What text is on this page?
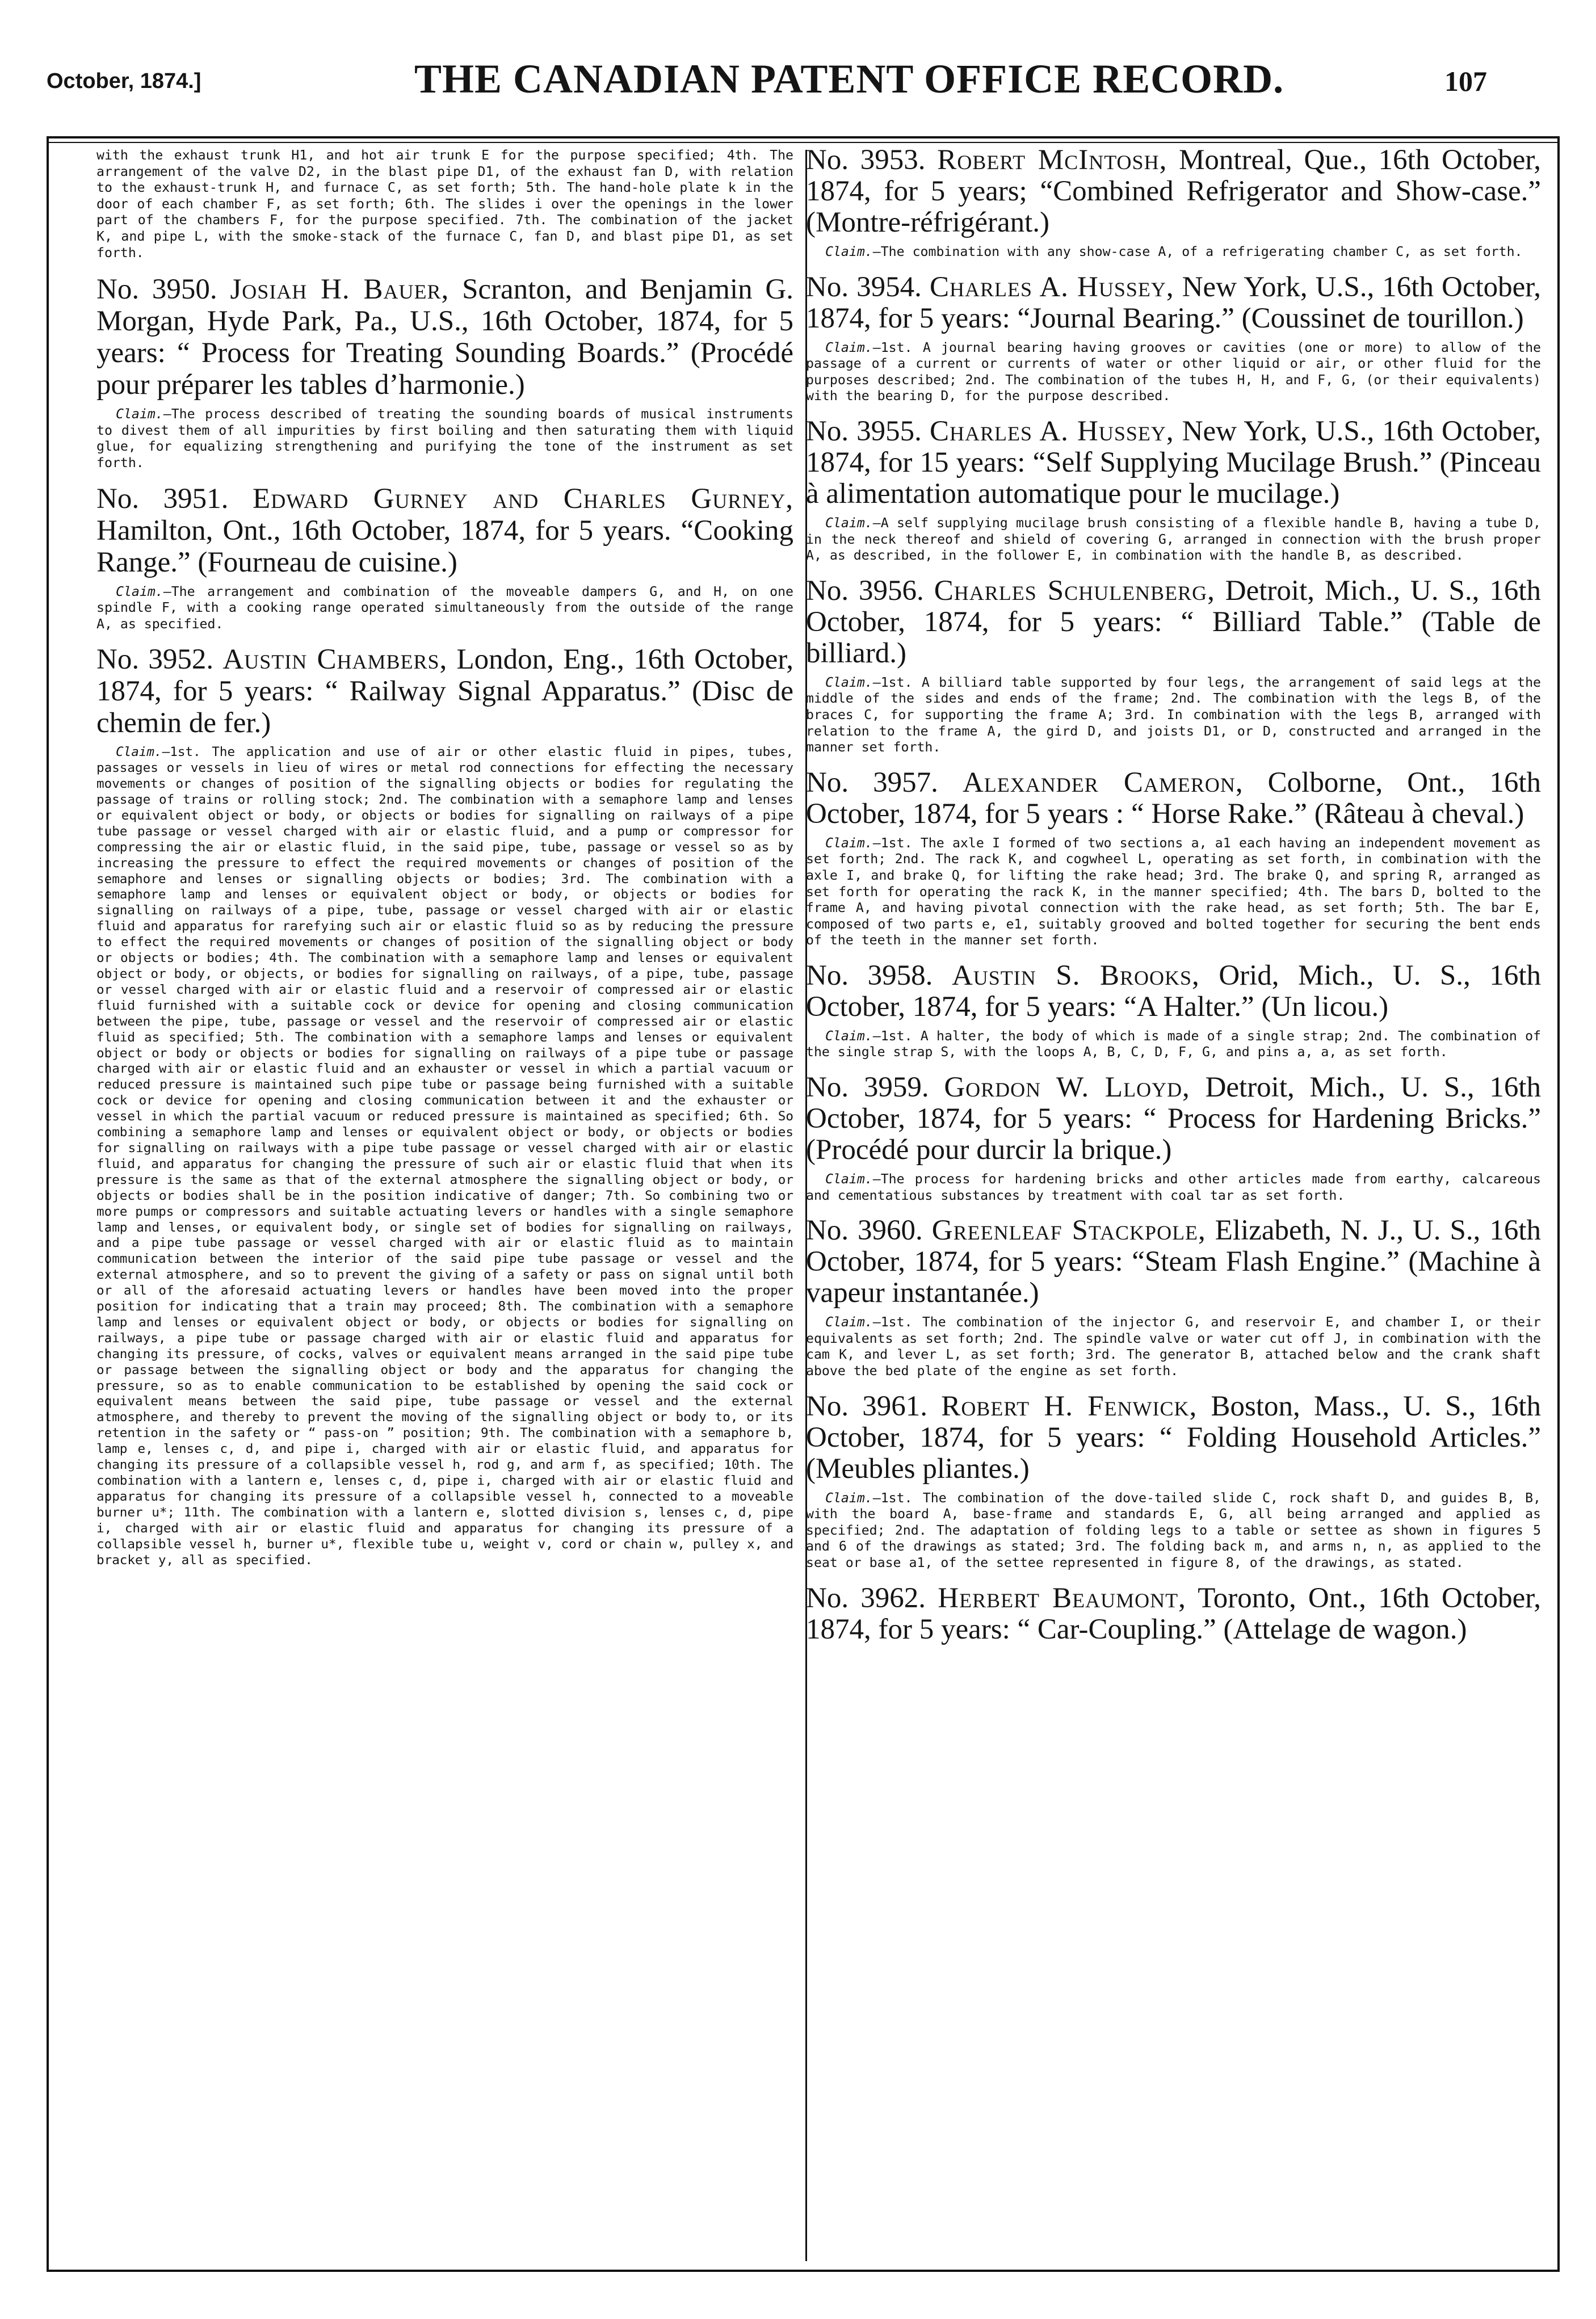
October, 1874.]	THE CANADIAN PATENT OFFICE RECORD.	107

with the exhaust trunk H1, and hot air trunk E for the purpose specified; 4th. The arrangement of the valve D2, in the blast pipe D1, of the exhaust fan D, with relation to the exhaust-trunk H, and furnace C, as set forth; 5th. The hand-hole plate k in the door of each chamber F, as set forth; 6th. The slides i over the openings in the lower part of the chambers F, for the purpose specified. 7th. The combination of the jacket K, and pipe L, with the smoke-stack of the furnace C, fan D, and blast pipe D1, as set forth.

No. 3950. Josiah H. Bauer, Scranton, and Benjamin G. Morgan, Hyde Park, Pa., U.S., 16th October, 1874, for 5 years: “ Process for Treating Sounding Boards.” (Procédé pour préparer les tables d’harmonie.)

Claim.—The process described of treating the sounding boards of musical instruments to divest them of all impurities by first boiling and then saturating them with liquid glue, for equalizing strengthening and purifying the tone of the instrument as set forth.

No. 3951. Edward Gurney and Charles Gurney, Hamilton, Ont., 16th October, 1874, for 5 years. “Cooking Range.” (Fourneau de cuisine.)

Claim.—The arrangement and combination of the moveable dampers G, and H, on one spindle F, with a cooking range operated simultaneously from the outside of the range A, as specified.

No. 3952. Austin Chambers, London, Eng., 16th October, 1874, for 5 years: “ Railway Signal Apparatus.” (Disc de chemin de fer.)

Claim.—1st. The application and use of air or other elastic fluid in pipes, tubes, passages or vessels in lieu of wires or metal rod connections for effecting the necessary movements or changes of position of the signalling objects or bodies for regulating the passage of trains or rolling stock; 2nd. The combination with a semaphore lamp and lenses or equivalent object or body, or objects or bodies for signalling on railways of a pipe tube passage or vessel charged with air or elastic fluid, and a pump or compressor for compressing the air or elastic fluid, in the said pipe, tube, passage or vessel so as by increasing the pressure to effect the required movements or changes of position of the semaphore and lenses or signalling objects or bodies; 3rd. The combination with a semaphore lamp and lenses or equivalent object or body, or objects or bodies for signalling on railways of a pipe, tube, passage or vessel charged with air or elastic fluid and apparatus for rarefying such air or elastic fluid so as by reducing the pressure to effect the required movements or changes of position of the signalling object or body or objects or bodies; 4th. The combination with a semaphore lamp and lenses or equivalent object or body, or objects, or bodies for signalling on railways, of a pipe, tube, passage or vessel charged with air or elastic fluid and a reservoir of compressed air or elastic fluid furnished with a suitable cock or device for opening and closing communication between the pipe, tube, passage or vessel and the reservoir of compressed air or elastic fluid as specified; 5th. The combination with a semaphore lamps and lenses or equivalent object or body or objects or bodies for signalling on railways of a pipe tube or passage charged with air or elastic fluid and an exhauster or vessel in which a partial vacuum or reduced pressure is maintained such pipe tube or passage being furnished with a suitable cock or device for opening and closing communication between it and the exhauster or vessel in which the partial vacuum or reduced pressure is maintained as specified; 6th. So combining a semaphore lamp and lenses or equivalent object or body, or objects or bodies for signalling on railways with a pipe tube passage or vessel charged with air or elastic fluid, and apparatus for changing the pressure of such air or elastic fluid that when its pressure is the same as that of the external atmosphere the signalling object or body, or objects or bodies shall be in the position indicative of danger; 7th. So combining two or more pumps or compressors and suitable actuating levers or handles with a single semaphore lamp and lenses, or equivalent body, or single set of bodies for signalling on railways, and a pipe tube passage or vessel charged with air or elastic fluid as to maintain communication between the interior of the said pipe tube passage or vessel and the external atmosphere, and so to prevent the giving of a safety or pass on signal until both or all of the aforesaid actuating levers or handles have been moved into the proper position for indicating that a train may proceed; 8th. The combination with a semaphore lamp and lenses or equivalent object or body, or objects or bodies for signalling on railways, a pipe tube or passage charged with air or elastic fluid and apparatus for changing its pressure, of cocks, valves or equivalent means arranged in the said pipe tube or passage between the signalling object or body and the apparatus for changing the pressure, so as to enable communication to be established by opening the said cock or equivalent means between the said pipe, tube passage or vessel and the external atmosphere, and thereby to prevent the moving of the signalling object or body to, or its retention in the safety or “ pass-on ” position; 9th. The combination with a semaphore b, lamp e, lenses c, d, and pipe i, charged with air or elastic fluid, and apparatus for changing its pressure of a collapsible vessel h, rod g, and arm f, as specified; 10th. The combination with a lantern e, lenses c, d, pipe i, charged with air or elastic fluid and apparatus for changing its pressure of a collapsible vessel h, connected to a moveable burner u*; 11th. The combination with a lantern e, slotted division s, lenses c, d, pipe i, charged with air or elastic fluid and apparatus for changing its pressure of a collapsible vessel h, burner u*, flexible tube u, weight v, cord or chain w, pulley x, and bracket y, all as specified.

No. 3953. Robert McIntosh, Montreal, Que., 16th October, 1874, for 5 years; “Combined Refrigerator and Show-case.” (Montre-réfrigérant.)

Claim.—The combination with any show-case A, of a refrigerating chamber C, as set forth.

No. 3954. Charles A. Hussey, New York, U.S., 16th October, 1874, for 5 years: “Journal Bearing.” (Coussinet de tourillon.)

Claim.—1st. A journal bearing having grooves or cavities (one or more) to allow of the passage of a current or currents of water or other liquid or air, or other fluid for the purposes described; 2nd. The combination of the tubes H, H, and F, G, (or their equivalents) with the bearing D, for the purpose described.

No. 3955. Charles A. Hussey, New York, U.S., 16th October, 1874, for 15 years: “Self Supplying Mucilage Brush.” (Pinceau à alimentation automatique pour le mucilage.)

Claim.—A self supplying mucilage brush consisting of a flexible handle B, having a tube D, in the neck thereof and shield of covering G, arranged in connection with the brush proper A, as described, in the follower E, in combination with the handle B, as described.

No. 3956. Charles Schulenberg, Detroit, Mich., U. S., 16th October, 1874, for 5 years: “ Billiard Table.” (Table de billiard.)

Claim.—1st. A billiard table supported by four legs, the arrangement of said legs at the middle of the sides and ends of the frame; 2nd. The combination with the legs B, of the braces C, for supporting the frame A; 3rd. In combination with the legs B, arranged with relation to the frame A, the gird D, and joists D1, or D, constructed and arranged in the manner set forth.

No. 3957. Alexander Cameron, Colborne, Ont., 16th October, 1874, for 5 years : “ Horse Rake.” (Râteau à cheval.)

Claim.—1st. The axle I formed of two sections a, a1 each having an independent movement as set forth; 2nd. The rack K, and cogwheel L, operating as set forth, in combination with the axle I, and brake Q, for lifting the rake head; 3rd. The brake Q, and spring R, arranged as set forth for operating the rack K, in the manner specified; 4th. The bars D, bolted to the frame A, and having pivotal connection with the rake head, as set forth; 5th. The bar E, composed of two parts e, e1, suitably grooved and bolted together for securing the bent ends of the teeth in the manner set forth.

No. 3958. Austin S. Brooks, Orid, Mich., U. S., 16th October, 1874, for 5 years: “A Halter.” (Un licou.)

Claim.—1st. A halter, the body of which is made of a single strap; 2nd. The combination of the single strap S, with the loops A, B, C, D, F, G, and pins a, a, as set forth.

No. 3959. Gordon W. Lloyd, Detroit, Mich., U. S., 16th October, 1874, for 5 years: “ Process for Hardening Bricks.” (Procédé pour durcir la brique.)

Claim.—The process for hardening bricks and other articles made from earthy, calcareous and cementatious substances by treatment with coal tar as set forth.

No. 3960. Greenleaf Stackpole, Elizabeth, N. J., U. S., 16th October, 1874, for 5 years: “Steam Flash Engine.” (Machine à vapeur instantanée.)

Claim.—1st. The combination of the injector G, and reservoir E, and chamber I, or their equivalents as set forth; 2nd. The spindle valve or water cut off J, in combination with the cam K, and lever L, as set forth; 3rd. The generator B, attached below and the crank shaft above the bed plate of the engine as set forth.

No. 3961. Robert H. Fenwick, Boston, Mass., U. S., 16th October, 1874, for 5 years: “ Folding Household Articles.” (Meubles pliantes.)

Claim.—1st. The combination of the dove-tailed slide C, rock shaft D, and guides B, B, with the board A, base-frame and standards E, G, all being arranged and applied as specified; 2nd. The adaptation of folding legs to a table or settee as shown in figures 5 and 6 of the drawings as stated; 3rd. The folding back m, and arms n, n, as applied to the seat or base a1, of the settee represented in figure 8, of the drawings, as stated.

No. 3962. Herbert Beaumont, Toronto, Ont., 16th October, 1874, for 5 years: “ Car-Coupling.” (Attelage de wagon.)
